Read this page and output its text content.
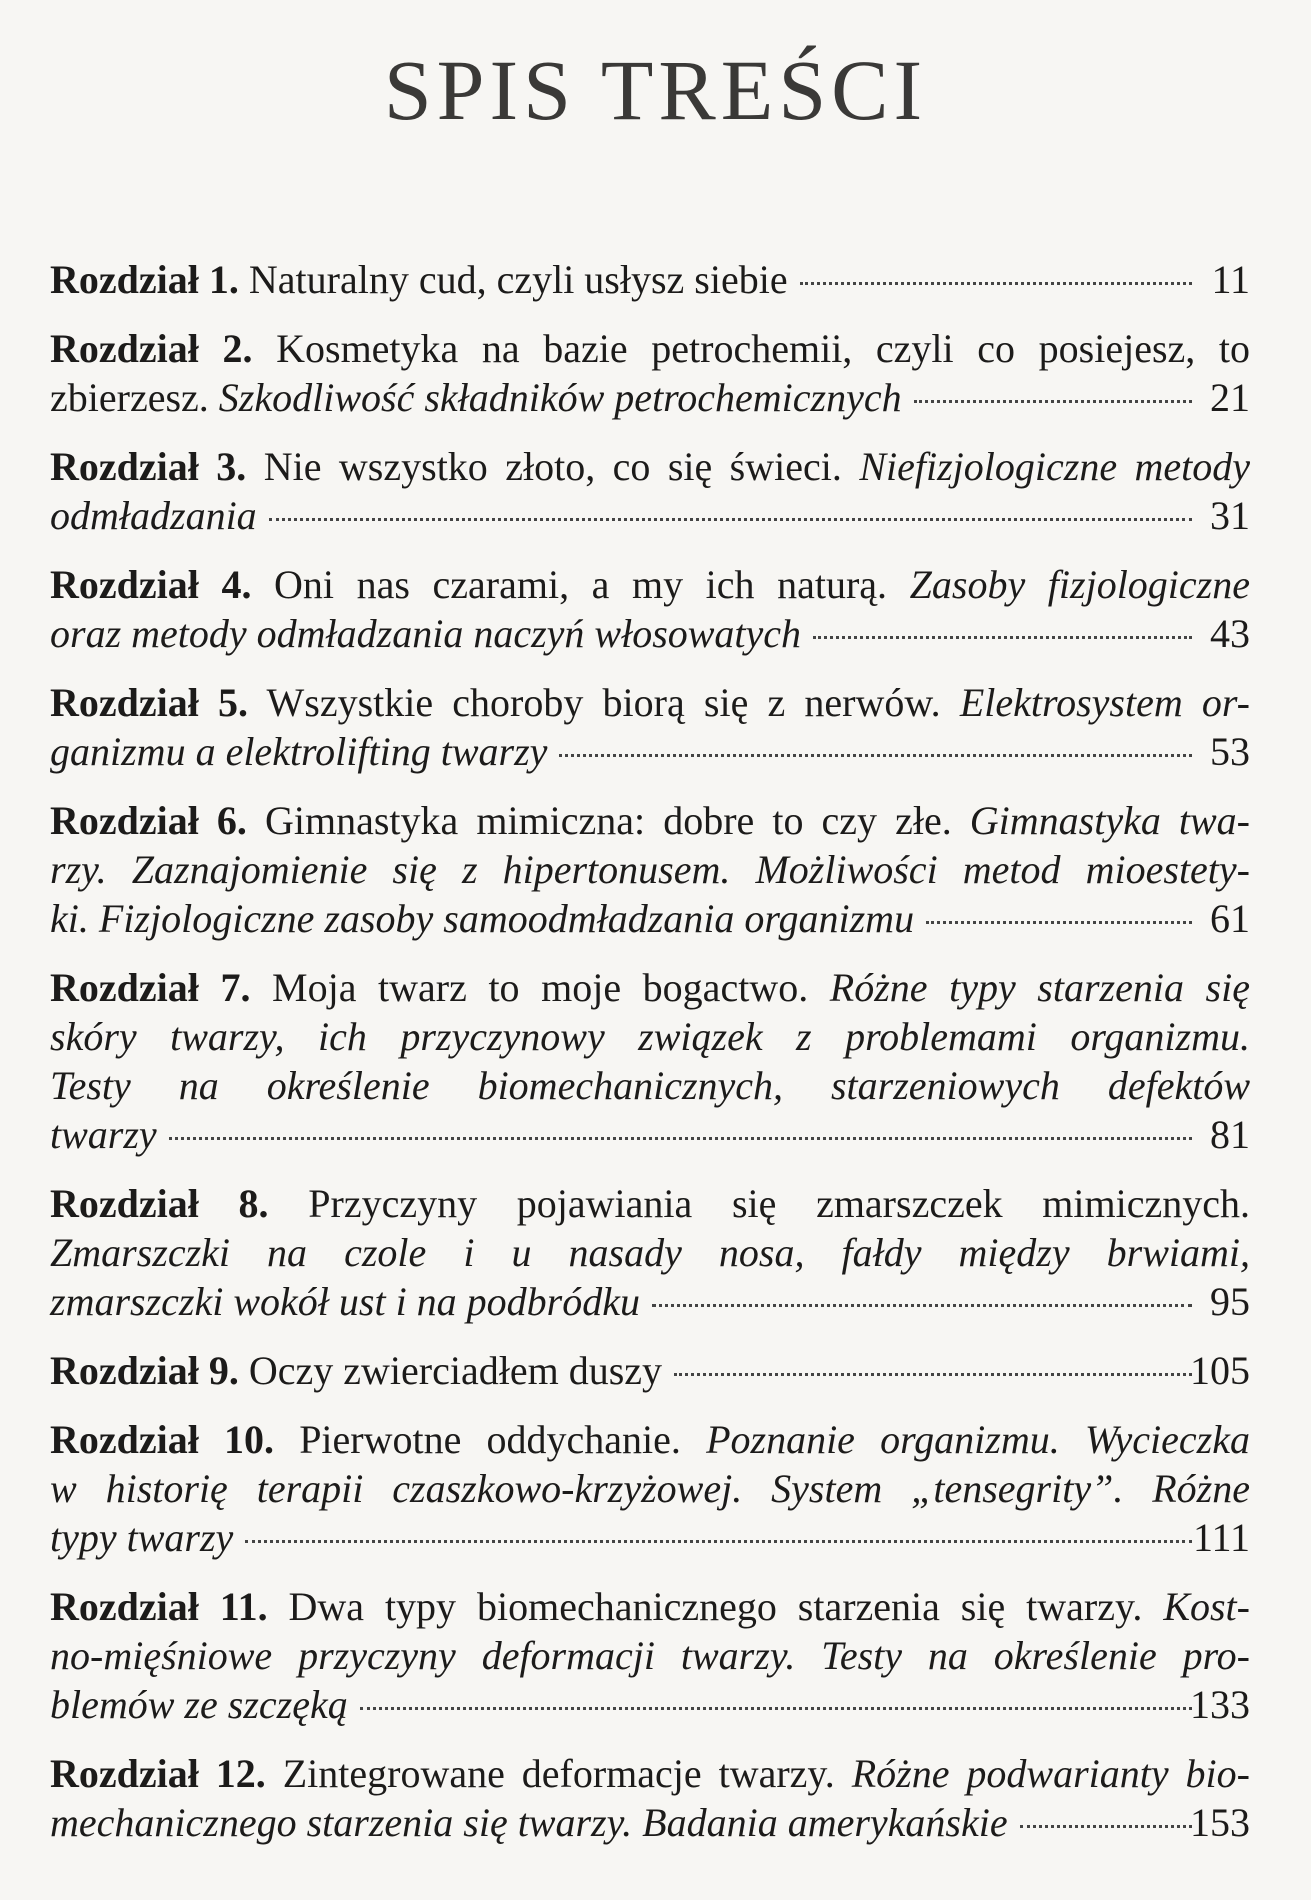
SPIS TREŚCI
Rozdział 1. Naturalny cud, czyli usłysz siebie	11
Rozdział 2. Kosmetyka na bazie petrochemii, czyli co posiejesz, to
zbierzesz. Szkodliwość składników petrochemicznych	21
Rozdział 3. Nie wszystko złoto, co się świeci. Niefizjologiczne metody
odmładzania	31
Rozdział 4. Oni nas czarami, a my ich naturą. Zasoby fizjologiczne
oraz metody odmładzania naczyń włosowatych	43
Rozdział 5. Wszystkie choroby biorą się z nerwów. Elektrosystem or-
ganizmu a elektrolifting twarzy	53
Rozdział 6. Gimnastyka mimiczna: dobre to czy złe. Gimnastyka twa-
rzy. Zaznajomienie się z hipertonusem. Możliwości metod mioestety-
ki. Fizjologiczne zasoby samoodmładzania organizmu	61
Rozdział 7. Moja twarz to moje bogactwo. Różne typy starzenia się
skóry twarzy, ich przyczynowy związek z problemami organizmu.
Testy na określenie biomechanicznych, starzeniowych defektów
twarzy	81
Rozdział 8. Przyczyny pojawiania się zmarszczek mimicznych.
Zmarszczki na czole i u nasady nosa, fałdy między brwiami,
zmarszczki wokół ust i na podbródku	95
Rozdział 9. Oczy zwierciadłem duszy	105
Rozdział 10. Pierwotne oddychanie. Poznanie organizmu. Wycieczka
w historię terapii czaszkowo-krzyżowej. System „tensegrity”. Różne
typy twarzy	111
Rozdział 11. Dwa typy biomechanicznego starzenia się twarzy. Kost-
no-mięśniowe przyczyny deformacji twarzy. Testy na określenie pro-
blemów ze szczęką	133
Rozdział 12. Zintegrowane deformacje twarzy. Różne podwarianty bio-
mechanicznego starzenia się twarzy. Badania amerykańskie	153
